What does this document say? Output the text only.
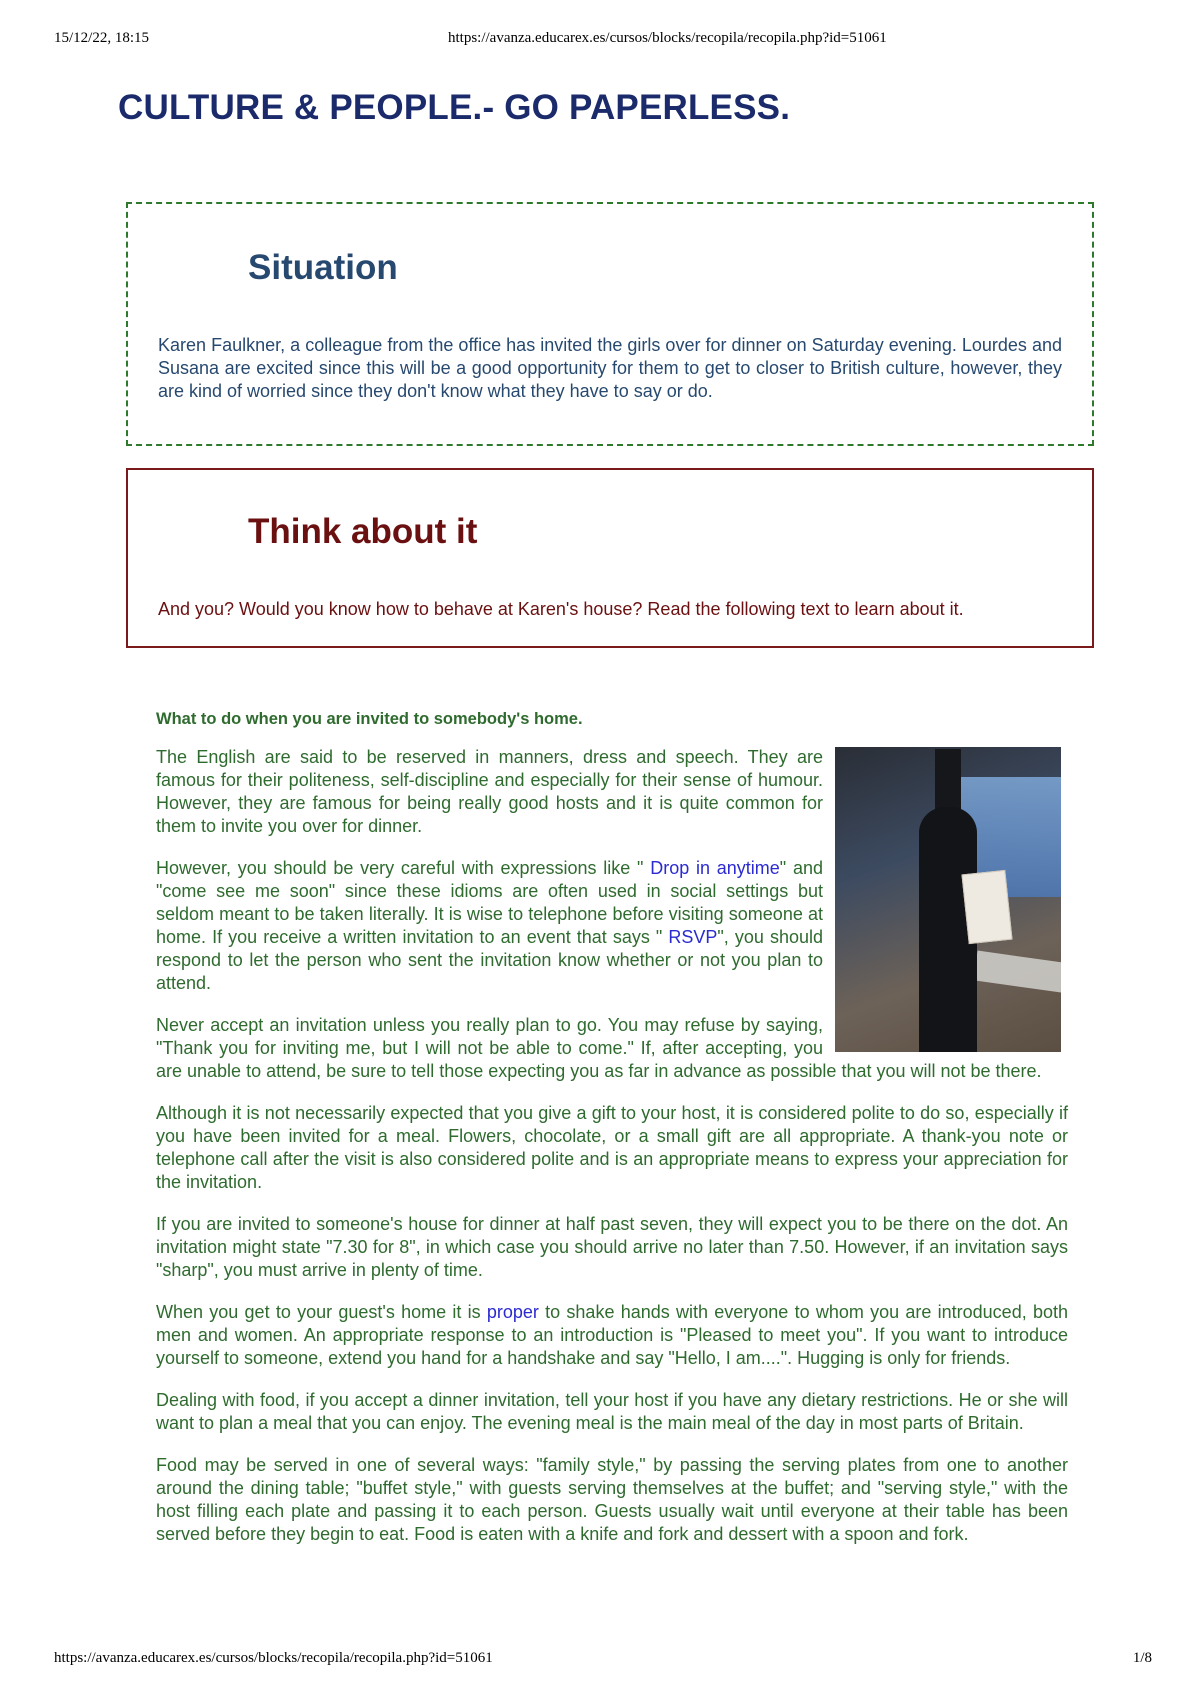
15/12/22, 18:15	https://avanza.educarex.es/cursos/blocks/recopila/recopila.php?id=51061
CULTURE & PEOPLE.- GO PAPERLESS.
Situation

Karen Faulkner, a colleague from the office has invited the girls over for dinner on Saturday evening. Lourdes and Susana are excited since this will be a good opportunity for them to get to closer to British culture, however, they are kind of worried since they don't know what they have to say or do.

Think about it

And you? Would you know how to behave at Karen's house? Read the following text to learn about it.

What to do when you are invited to somebody's home.

The English are said to be reserved in manners, dress and speech. They are famous for their politeness, self-discipline and especially for their sense of humour. However, they are famous for being really good hosts and it is quite common for them to invite you over for dinner.

However, you should be very careful with expressions like " Drop in anytime" and "come see me soon" since these idioms are often used in social settings but seldom meant to be taken literally. It is wise to telephone before visiting someone at home. If you receive a written invitation to an event that says " RSVP", you should respond to let the person who sent the invitation know whether or not you plan to attend.

Never accept an invitation unless you really plan to go. You may refuse by saying, "Thank you for inviting me, but I will not be able to come." If, after accepting, you are unable to attend, be sure to tell those expecting you as far in advance as possible that you will not be there.

Although it is not necessarily expected that you give a gift to your host, it is considered polite to do so, especially if you have been invited for a meal. Flowers, chocolate, or a small gift are all appropriate. A thank-you note or telephone call after the visit is also considered polite and is an appropriate means to express your appreciation for the invitation.

If you are invited to someone's house for dinner at half past seven, they will expect you to be there on the dot. An invitation might state "7.30 for 8", in which case you should arrive no later than 7.50. However, if an invitation says "sharp", you must arrive in plenty of time.

When you get to your guest's home it is proper to shake hands with everyone to whom you are introduced, both men and women. An appropriate response to an introduction is "Pleased to meet you". If you want to introduce yourself to someone, extend you hand for a handshake and say "Hello, I am....". Hugging is only for friends.

Dealing with food, if you accept a dinner invitation, tell your host if you have any dietary restrictions. He or she will want to plan a meal that you can enjoy. The evening meal is the main meal of the day in most parts of Britain.

Food may be served in one of several ways: "family style," by passing the serving plates from one to another around the dining table; "buffet style," with guests serving themselves at the buffet; and "serving style," with the host filling each plate and passing it to each person. Guests usually wait until everyone at their table has been served before they begin to eat. Food is eaten with a knife and fork and dessert with a spoon and fork.

https://avanza.educarex.es/cursos/blocks/recopila/recopila.php?id=51061	1/8
